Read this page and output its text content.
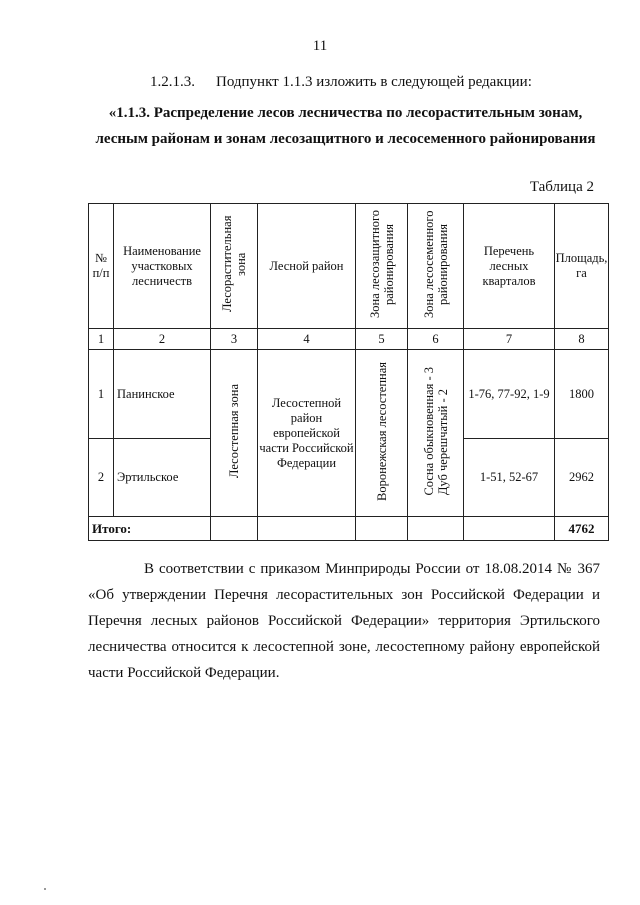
11
1.2.1.3. Подпункт 1.1.3 изложить в следующей редакции:
«1.1.3. Распределение лесов лесничества по лесорастительным зонам, лесным районам и зонам лесозащитного и лесосеменного районирования
Таблица 2
№ п/п	Наименование участковых лесничеств	Лесорастительная зона	Лесной район	Зона лесозащитного районирования	Зона лесосеменного районирования	Перечень лесных кварталов	Площадь, га
1	2	3	4	5	6	7	8
1	Панинское	Лесостепная зона	Лесостепной район европейской части Российской Федерации	Воронежская лесостепная	Сосна обыкновенная - 3Дуб черешчатый - 2	1-76, 77-92, 1-9	1800
2	Эртильское					1-51, 52-67	2962
Итого:							4762

В соответствии с приказом Минприроды России от 18.08.2014 № 367 «Об утверждении Перечня лесорастительных зон Российской Федерации и Перечня лесных районов Российской Федерации» территория Эртильского лесничества относится к лесостепной зоне, лесостепному району европейской части Российской Федерации.
